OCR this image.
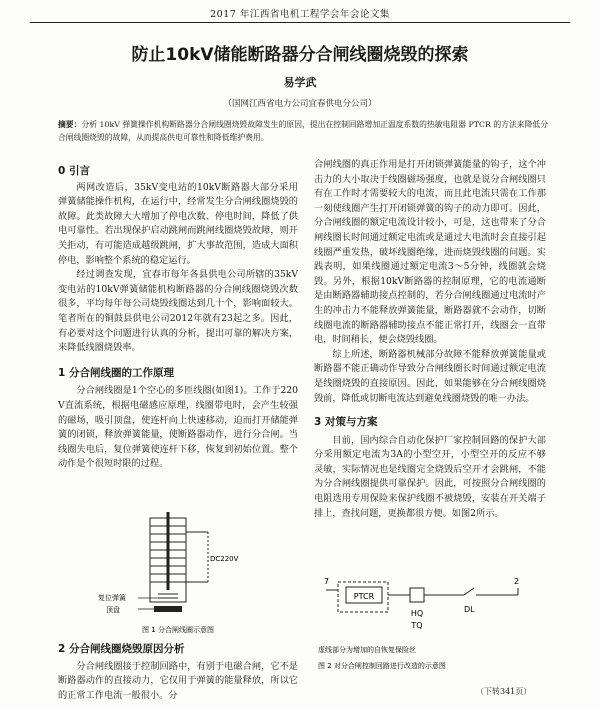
2017 年江西省电机工程学会年会论文集
防止10kV储能断路器分合闸线圈烧毁的探索
易学武
（国网江西省电力公司宜春供电分公司）
摘要：分析 10kV 弹簧操作机构断路器分合闸线圈烧毁故障发生的原因，提出在控制回路增加正温度系数的热敏电阻器 PTCR 的方法来降低分合闸线圈烧毁的故障，从而提高供电可靠性和降低维护费用。
0 引言

两网改造后，35kV变电站的10kV断路器大部分采用弹簧储能操作机构，在运行中，经常发生分合闸线圈烧毁的故障。此类故障大大增加了停电次数、停电时间，降低了供电可靠性。若出现保护启动跳闸而跳闸线圈烧毁故障，则开关拒动，有可能造成越级跳闸，扩大事故范围，造成大面积停电，影响整个系统的稳定运行。

经过调查发现，宜春市每年各县供电公司所辖的35kV变电站的10kV弹簧储能机构断路器的分合闸线圈烧毁次数很多，平均每年每公司烧毁线圈达到几十个，影响面较大。笔者所在的铜鼓县供电公司2012年就有23起之多。因此，有必要对这个问题进行认真的分析，提出可靠的解决方案，来降低线圈烧毁率。

1 分合闸线圈的工作原理

分合闸线圈是1个空心的多匝线圈(如图1)。工作于220V直流系统，根据电磁感应原理，线圈带电时，会产生较强的磁场，吸引顶盘，使连杆向上快速移动，迫而打开储能弹簧的闭锁，释放弹簧能量，使断路器动作，进行分合闸。当线圈失电后，复位弹簧使连杆下移，恢复到初始位置。整个动作是个很短时限的过程。

DC220V
复位弹簧
顶盘
图 1 分合闸线圈示意图
2 分合闸线圈烧毁原因分析

分合闸线圈接于控制回路中，有别于电磁合闸，它不是断路器动作的直接动力，它仅用于弹簧的能量释放，所以它的正常工作电流一般很小。分

合闸线圈的真正作用是打开闭锁弹簧能量的钩子，这个冲击力的大小取决于线圈磁场强度，也就是说分合闸线圈只有在工作时才需要较大的电流，而且此电流只需在工作那一刻使线圈产生打开闭锁弹簧的钩子的动力即可。因此，分合闸线圈的额定电流设计较小，可是，这也带来了分合闸线圈长时间通过额定电流或是通过大电流时会直接引起线圈严重发热，破坏线圈绝缘，进而烧毁线圈的问题。实践表明，如果线圈通过额定电流3～5分钟，线圈就会烧毁。另外，根据10kV断路器的控制原理，它的电流通断是由断路器辅助接点控制的，若分合闸线圈通过电流时产生的冲击力不能释放弹簧能量，断路器就不会动作，切断线圈电流的断路器辅助接点不能正常打开，线圈会一直带电，时间稍长，便会烧毁线圈。

综上所述，断路器机械部分故障不能释放弹簧能量或断路器不能正确动作导致分合闸线圈长时间通过额定电流是线圈烧毁的直接原因。因此，如果能够在分合闸线圈烧毁前，降低或切断电流达到避免线圈烧毁的唯一办法。

3 对策与方案

目前，国内综合自动化保护厂家控制回路的保护大部分采用额定电流为3A的小型空开，小型空开的反应不够灵敏，实际情况也是线圈完全烧毁后空开才会跳闸，不能为分合闸线圈提供可靠保护。因此，可按照分合闸线圈的电阻选用专用保险来保护线圈不被烧毁，安装在开关端子排上，查找问题，更换都很方便。如图2所示。

7	2
PTCR
HQ
TQ
DL
虚线部分为增加的自恢复保险丝
图 2 对分合闸控制回路进行改造的示意图
（下转341页）
